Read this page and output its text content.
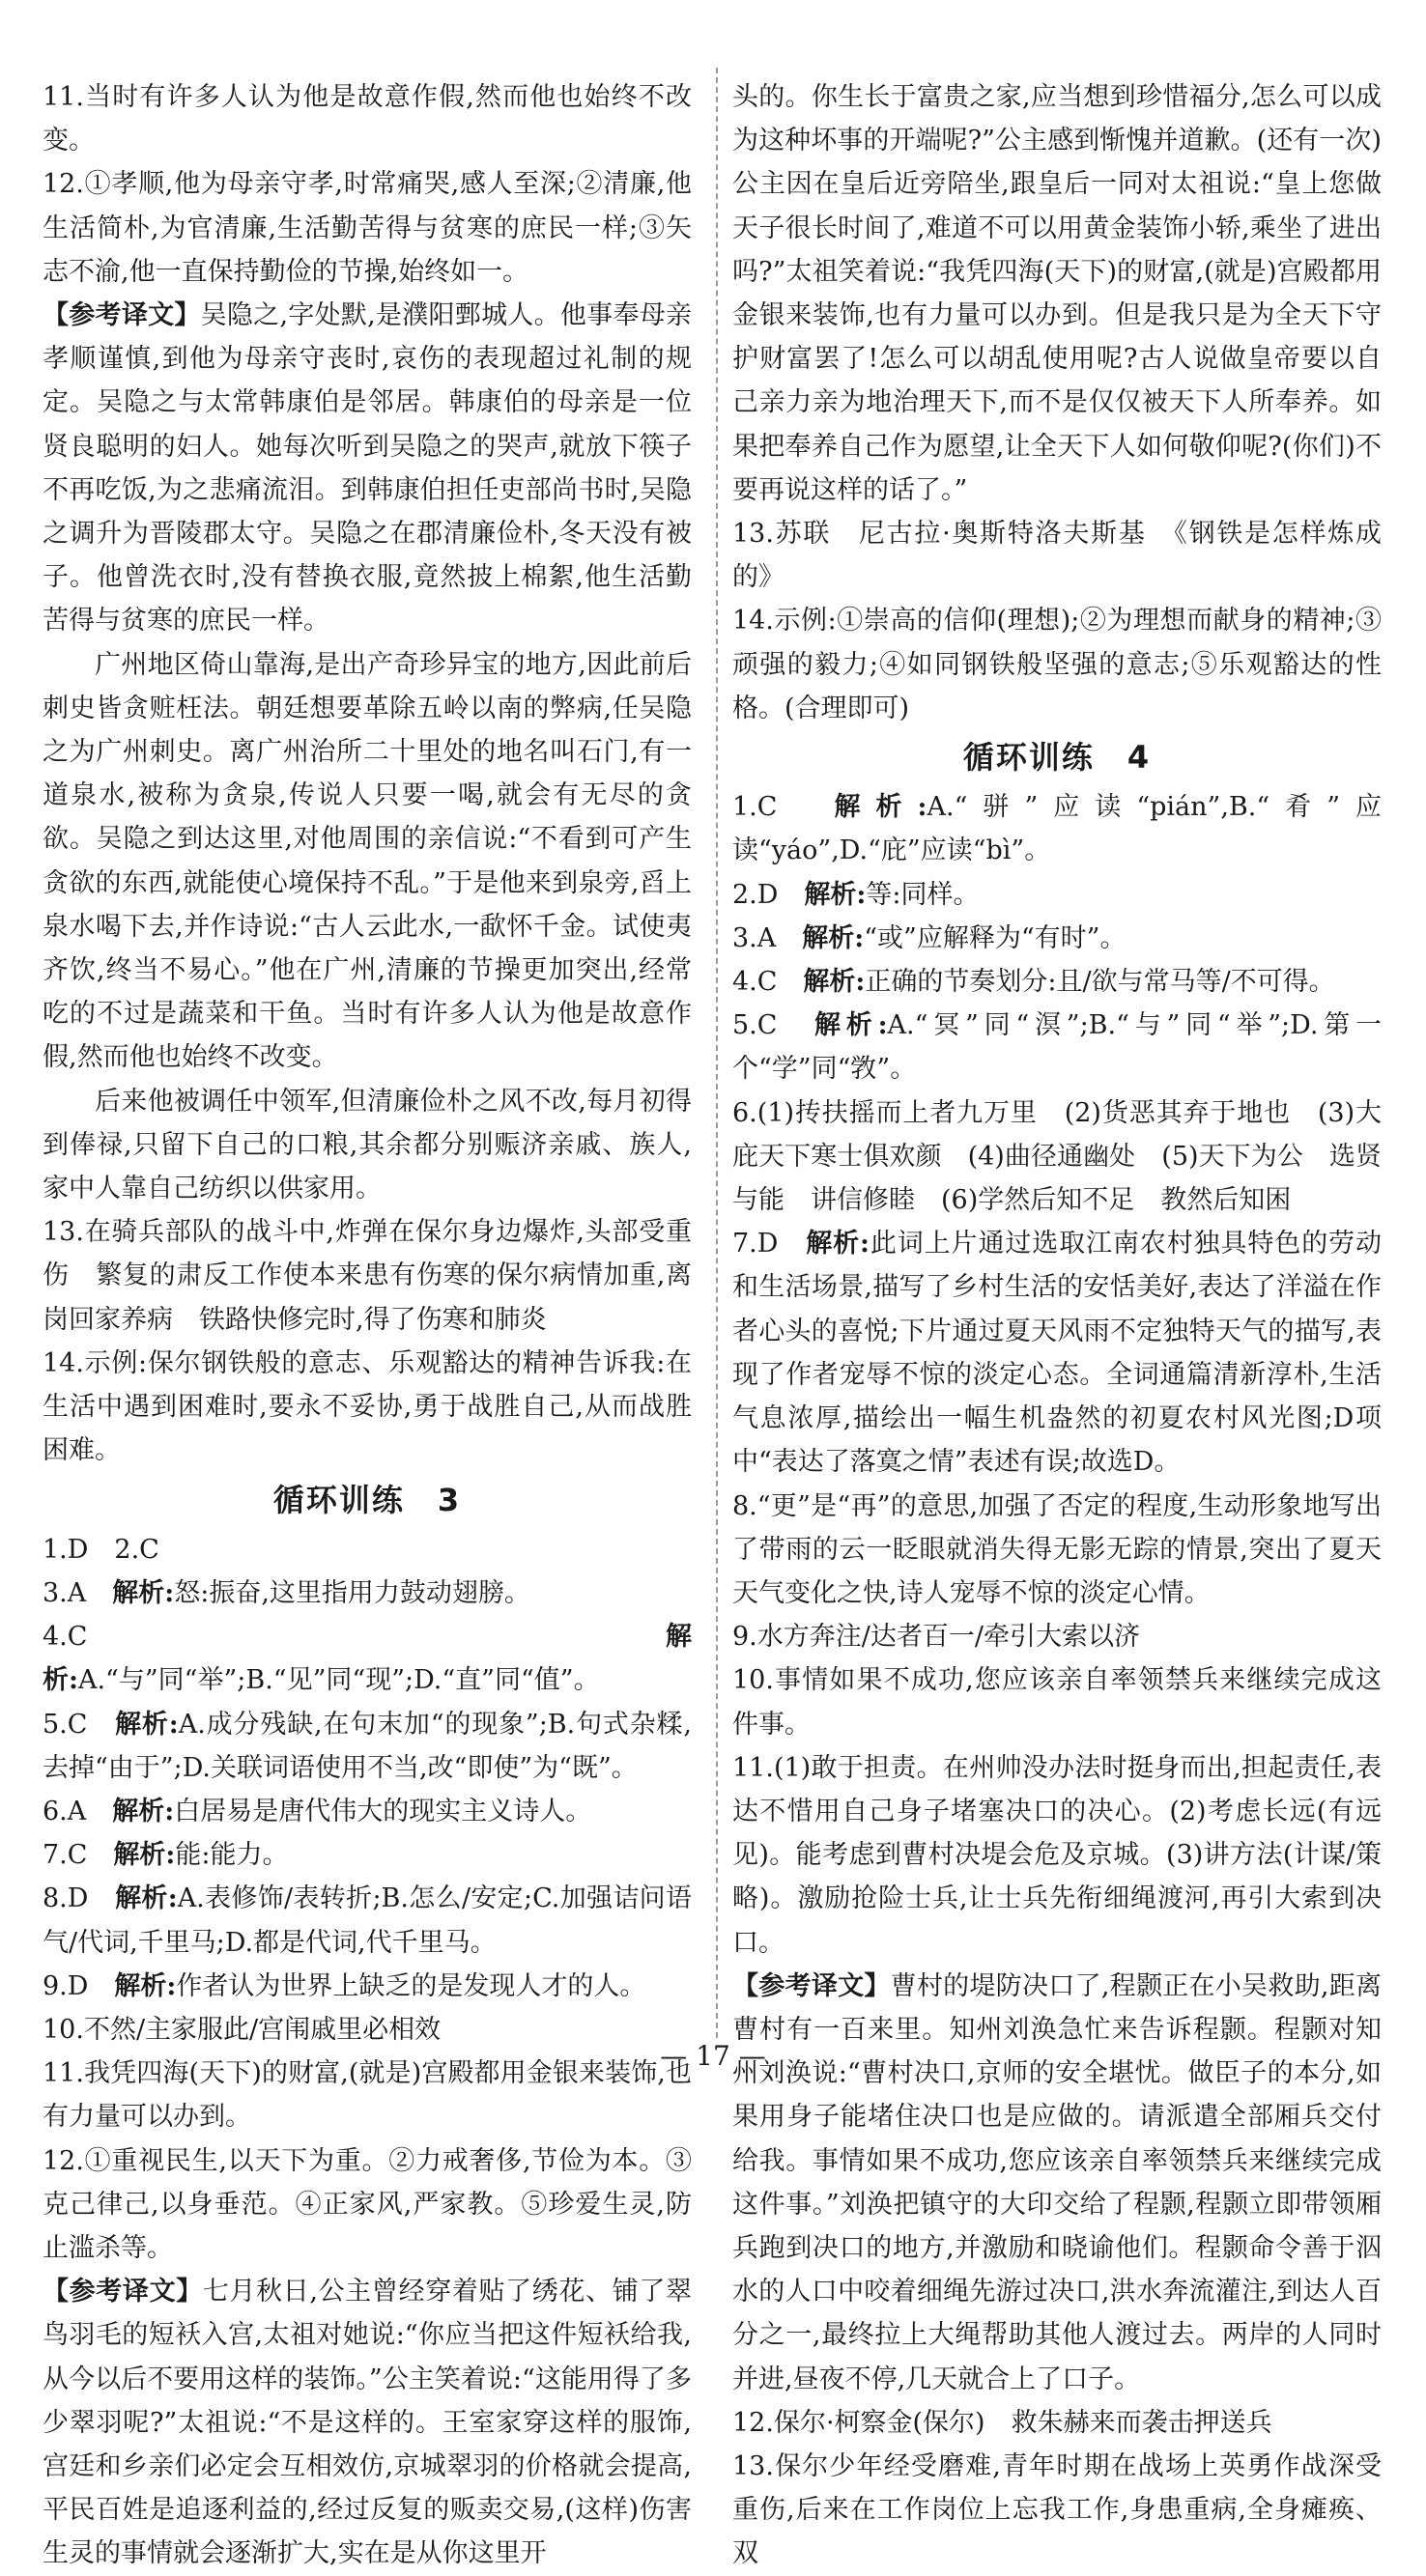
11.当时有许多人认为他是故意作假,然而他也始终不改变。
12.①孝顺,他为母亲守孝,时常痛哭,感人至深;②清廉,他生活简朴,为官清廉,生活勤苦得与贫寒的庶民一样;③矢志不渝,他一直保持勤俭的节操,始终如一。
【参考译文】吴隐之,字处默,是濮阳鄄城人。他事奉母亲孝顺谨慎,到他为母亲守丧时,哀伤的表现超过礼制的规定。吴隐之与太常韩康伯是邻居。韩康伯的母亲是一位贤良聪明的妇人。她每次听到吴隐之的哭声,就放下筷子不再吃饭,为之悲痛流泪。到韩康伯担任吏部尚书时,吴隐之调升为晋陵郡太守。吴隐之在郡清廉俭朴,冬天没有被子。他曾洗衣时,没有替换衣服,竟然披上棉絮,他生活勤苦得与贫寒的庶民一样。
广州地区倚山靠海,是出产奇珍异宝的地方,因此前后刺史皆贪赃枉法。朝廷想要革除五岭以南的弊病,任吴隐之为广州刺史。离广州治所二十里处的地名叫石门,有一道泉水,被称为贪泉,传说人只要一喝,就会有无尽的贪欲。吴隐之到达这里,对他周围的亲信说:“不看到可产生贪欲的东西,就能使心境保持不乱。”于是他来到泉旁,舀上泉水喝下去,并作诗说:“古人云此水,一歃怀千金。试使夷齐饮,终当不易心。”他在广州,清廉的节操更加突出,经常吃的不过是蔬菜和干鱼。当时有许多人认为他是故意作假,然而他也始终不改变。
后来他被调任中领军,但清廉俭朴之风不改,每月初得到俸禄,只留下自己的口粮,其余都分别赈济亲戚、族人,家中人靠自己纺织以供家用。
13.在骑兵部队的战斗中,炸弹在保尔身边爆炸,头部受重伤　繁复的肃反工作使本来患有伤寒的保尔病情加重,离岗回家养病　铁路快修完时,得了伤寒和肺炎
14.示例:保尔钢铁般的意志、乐观豁达的精神告诉我:在生活中遇到困难时,要永不妥协,勇于战胜自己,从而战胜困难。
循环训练　3
1.D　2.C
3.A　解析:怒:振奋,这里指用力鼓动翅膀。
4.C　解析:A.“与”同“举”;B.“见”同“现”;D.“直”同“值”。
5.C　解析:A.成分残缺,在句末加“的现象”;B.句式杂糅,去掉“由于”;D.关联词语使用不当,改“即使”为“既”。
6.A　解析:白居易是唐代伟大的现实主义诗人。
7.C　解析:能:能力。
8.D　解析:A.表修饰/表转折;B.怎么/安定;C.加强诘问语气/代词,千里马;D.都是代词,代千里马。
9.D　解析:作者认为世界上缺乏的是发现人才的人。
10.不然/主家服此/宫闱戚里必相效
11.我凭四海(天下)的财富,(就是)宫殿都用金银来装饰,也有力量可以办到。
12.①重视民生,以天下为重。②力戒奢侈,节俭为本。③克己律己,以身垂范。④正家风,严家教。⑤珍爱生灵,防止滥杀等。
【参考译文】七月秋日,公主曾经穿着贴了绣花、铺了翠鸟羽毛的短袄入宫,太祖对她说:“你应当把这件短袄给我,从今以后不要用这样的装饰。”公主笑着说:“这能用得了多少翠羽呢?”太祖说:“不是这样的。王室家穿这样的服饰,宫廷和乡亲们必定会互相效仿,京城翠羽的价格就会提高,平民百姓是追逐利益的,经过反复的贩卖交易,(这样)伤害生灵的事情就会逐渐扩大,实在是从你这里开
头的。你生长于富贵之家,应当想到珍惜福分,怎么可以成为这种坏事的开端呢?”公主感到惭愧并道歉。(还有一次)公主因在皇后近旁陪坐,跟皇后一同对太祖说:“皇上您做天子很长时间了,难道不可以用黄金装饰小轿,乘坐了进出吗?”太祖笑着说:“我凭四海(天下)的财富,(就是)宫殿都用金银来装饰,也有力量可以办到。但是我只是为全天下守护财富罢了!怎么可以胡乱使用呢?古人说做皇帝要以自己亲力亲为地治理天下,而不是仅仅被天下人所奉养。如果把奉养自己作为愿望,让全天下人如何敬仰呢?(你们)不要再说这样的话了。”
13.苏联　尼古拉·奥斯特洛夫斯基　《钢铁是怎样炼成的》
14.示例:①崇高的信仰(理想);②为理想而献身的精神;③顽强的毅力;④如同钢铁般坚强的意志;⑤乐观豁达的性格。(合理即可)
循环训练　4
1.C　解析:A.“骈”应读“pián”,B.“肴”应读“yáo”,D.“庇”应读“bì”。
2.D　解析:等:同样。
3.A　解析:“或”应解释为“有时”。
4.C　解析:正确的节奏划分:且/欲与常马等/不可得。
5.C　解析:A.“冥”同“溟”;B.“与”同“举”;D.第一个“学”同“敩”。
6.(1)抟扶摇而上者九万里　(2)货恶其弃于地也　(3)大庇天下寒士俱欢颜　(4)曲径通幽处　(5)天下为公　选贤与能　讲信修睦　(6)学然后知不足　教然后知困
7.D　解析:此词上片通过选取江南农村独具特色的劳动和生活场景,描写了乡村生活的安恬美好,表达了洋溢在作者心头的喜悦;下片通过夏天风雨不定独特天气的描写,表现了作者宠辱不惊的淡定心态。全词通篇清新淳朴,生活气息浓厚,描绘出一幅生机盎然的初夏农村风光图;D项中“表达了落寞之情”表述有误;故选D。
8.“更”是“再”的意思,加强了否定的程度,生动形象地写出了带雨的云一眨眼就消失得无影无踪的情景,突出了夏天天气变化之快,诗人宠辱不惊的淡定心情。
9.水方奔注/达者百一/牵引大索以济
10.事情如果不成功,您应该亲自率领禁兵来继续完成这件事。
11.(1)敢于担责。在州帅没办法时挺身而出,担起责任,表达不惜用自己身子堵塞决口的决心。(2)考虑长远(有远见)。能考虑到曹村决堤会危及京城。(3)讲方法(计谋/策略)。激励抢险士兵,让士兵先衔细绳渡河,再引大索到决口。
【参考译文】曹村的堤防决口了,程颢正在小吴救助,距离曹村有一百来里。知州刘涣急忙来告诉程颢。程颢对知州刘涣说:“曹村决口,京师的安全堪忧。做臣子的本分,如果用身子能堵住决口也是应做的。请派遣全部厢兵交付给我。事情如果不成功,您应该亲自率领禁兵来继续完成这件事。”刘涣把镇守的大印交给了程颢,程颢立即带领厢兵跑到决口的地方,并激励和晓谕他们。程颢命令善于泅水的人口中咬着细绳先游过决口,洪水奔流灌注,到达人百分之一,最终拉上大绳帮助其他人渡过去。两岸的人同时并进,昼夜不停,几天就合上了口子。
12.保尔·柯察金(保尔)　救朱赫来而袭击押送兵
13.保尔少年经受磨难,青年时期在战场上英勇作战深受重伤,后来在工作岗位上忘我工作,身患重病,全身瘫痪、双
— 17 —
